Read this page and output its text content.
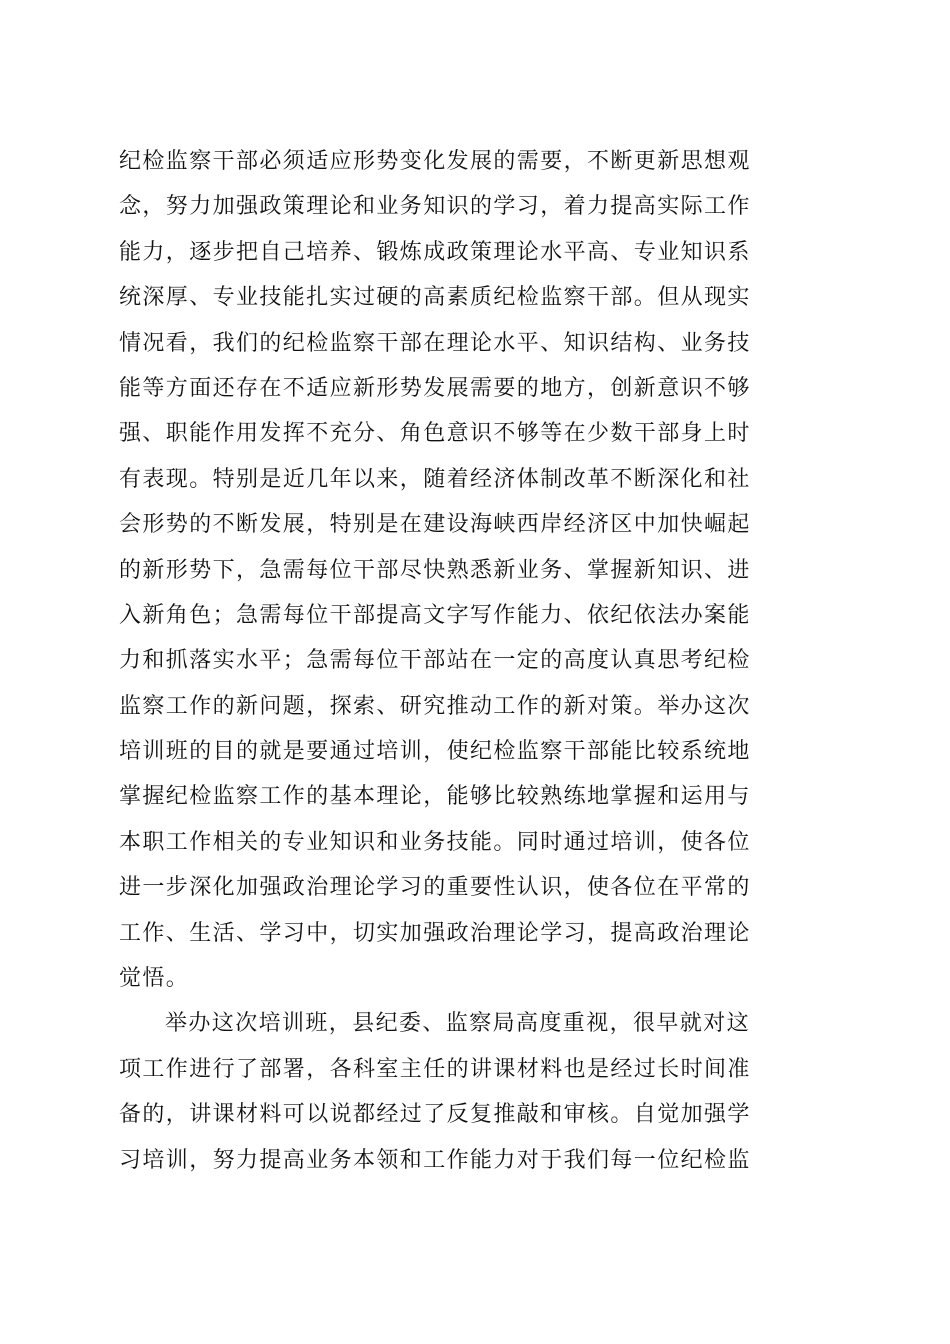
纪检监察干部必须适应形势变化发展的需要，不断更新思想观
念，努力加强政策理论和业务知识的学习，着力提高实际工作
能力，逐步把自己培养、锻炼成政策理论水平高、专业知识系
统深厚、专业技能扎实过硬的高素质纪检监察干部。但从现实
情况看，我们的纪检监察干部在理论水平、知识结构、业务技
能等方面还存在不适应新形势发展需要的地方，创新意识不够
强、职能作用发挥不充分、角色意识不够等在少数干部身上时
有表现。特别是近几年以来，随着经济体制改革不断深化和社
会形势的不断发展，特别是在建设海峡西岸经济区中加快崛起
的新形势下，急需每位干部尽快熟悉新业务、掌握新知识、进
入新角色；急需每位干部提高文字写作能力、依纪依法办案能
力和抓落实水平；急需每位干部站在一定的高度认真思考纪检
监察工作的新问题，探索、研究推动工作的新对策。举办这次
培训班的目的就是要通过培训，使纪检监察干部能比较系统地
掌握纪检监察工作的基本理论，能够比较熟练地掌握和运用与
本职工作相关的专业知识和业务技能。同时通过培训，使各位
进一步深化加强政治理论学习的重要性认识，使各位在平常的
工作、生活、学习中，切实加强政治理论学习，提高政治理论
觉悟。
举办这次培训班，县纪委、监察局高度重视，很早就对这
项工作进行了部署，各科室主任的讲课材料也是经过长时间准
备的，讲课材料可以说都经过了反复推敲和审核。自觉加强学
习培训，努力提高业务本领和工作能力对于我们每一位纪检监
